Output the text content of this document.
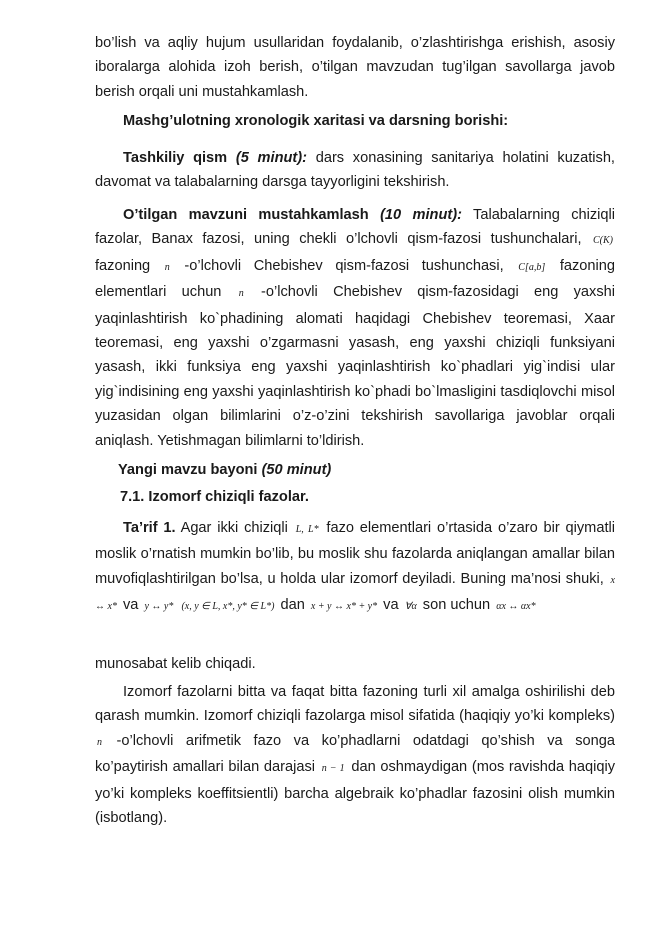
bo’lish va aqliy hujum usullaridan foydalanib, o’zlashtirishga erishish, asosiy iboralarga alohida izoh berish, o’tilgan mavzudan tug’ilgan savollarga javob berish orqali uni mustahkamlash.

Mashg’ulotning xronologik xaritasi va darsning borishi:

Tashkiliy qism (5 minut): dars xonasining sanitariya holatini kuzatish, davomat va talabalarning darsga tayyorligini tekshirish.

O’tilgan mavzuni mustahkamlash (10 minut): Talabalarning chiziqli fazolar, Banax fazosi, uning chekli o’lchovli qism-fazosi tushunchalari, C(K) fazoning n -o’lchovli Chebishev qism-fazosi tushunchasi, C[a,b] fazoning elementlari uchun n -o’lchovli Chebishev qism-fazosidagi eng yaxshi yaqinlashtirish ko`phadining alomati haqidagi Chebishev teoremasi, Xaar teoremasi, eng yaxshi o’zgarmasni yasash, eng yaxshi chiziqli funksiyani yasash, ikki funksiya eng yaxshi yaqinlashtirish ko`phadlari yig`indisi ular yig`indisining eng yaxshi yaqinlashtirish ko`phadi bo`lmasligini tasdiqlovchi misol yuzasidan olgan bilimlarini o’z-o’zini tekshirish savollariga javoblar orqali aniqlash. Yetishmagan bilimlarni to’ldirish.

Yangi mavzu bayoni (50 minut)
7.1. Izomorf chiziqli fazolar.

Ta’rif 1. Agar ikki chiziqli L, L* fazo elementlari o’rtasida o’zaro bir qiymatli moslik o’rnatish mumkin bo’lib, bu moslik shu fazolarda aniqlangan amallar bilan muvofiqlashtirilgan bo’lsa, u holda ular izomorf deyiladi. Buning ma’nosi shuki, x ↔ x* va y ↔ y* (x, y ∈ L, x*, y* ∈ L*) dan x + y ↔ x* + y* va ∀α son uchun αx ↔ αx*

munosabat kelib chiqadi.

Izomorf fazolarni bitta va faqat bitta fazoning turli xil amalga oshirilishi deb qarash mumkin. Izomorf chiziqli fazolarga misol sifatida (haqiqiy yo’ki kompleks) n -o’lchovli arifmetik fazo va ko’phadlarni odatdagi qo’shish va songa ko’paytirish amallari bilan darajasi n − 1 dan oshmaydigan (mos ravishda haqiqiy yo’ki kompleks koeffitsientli) barcha algebraik ko’phadlar fazosini olish mumkin (isbotlang).
